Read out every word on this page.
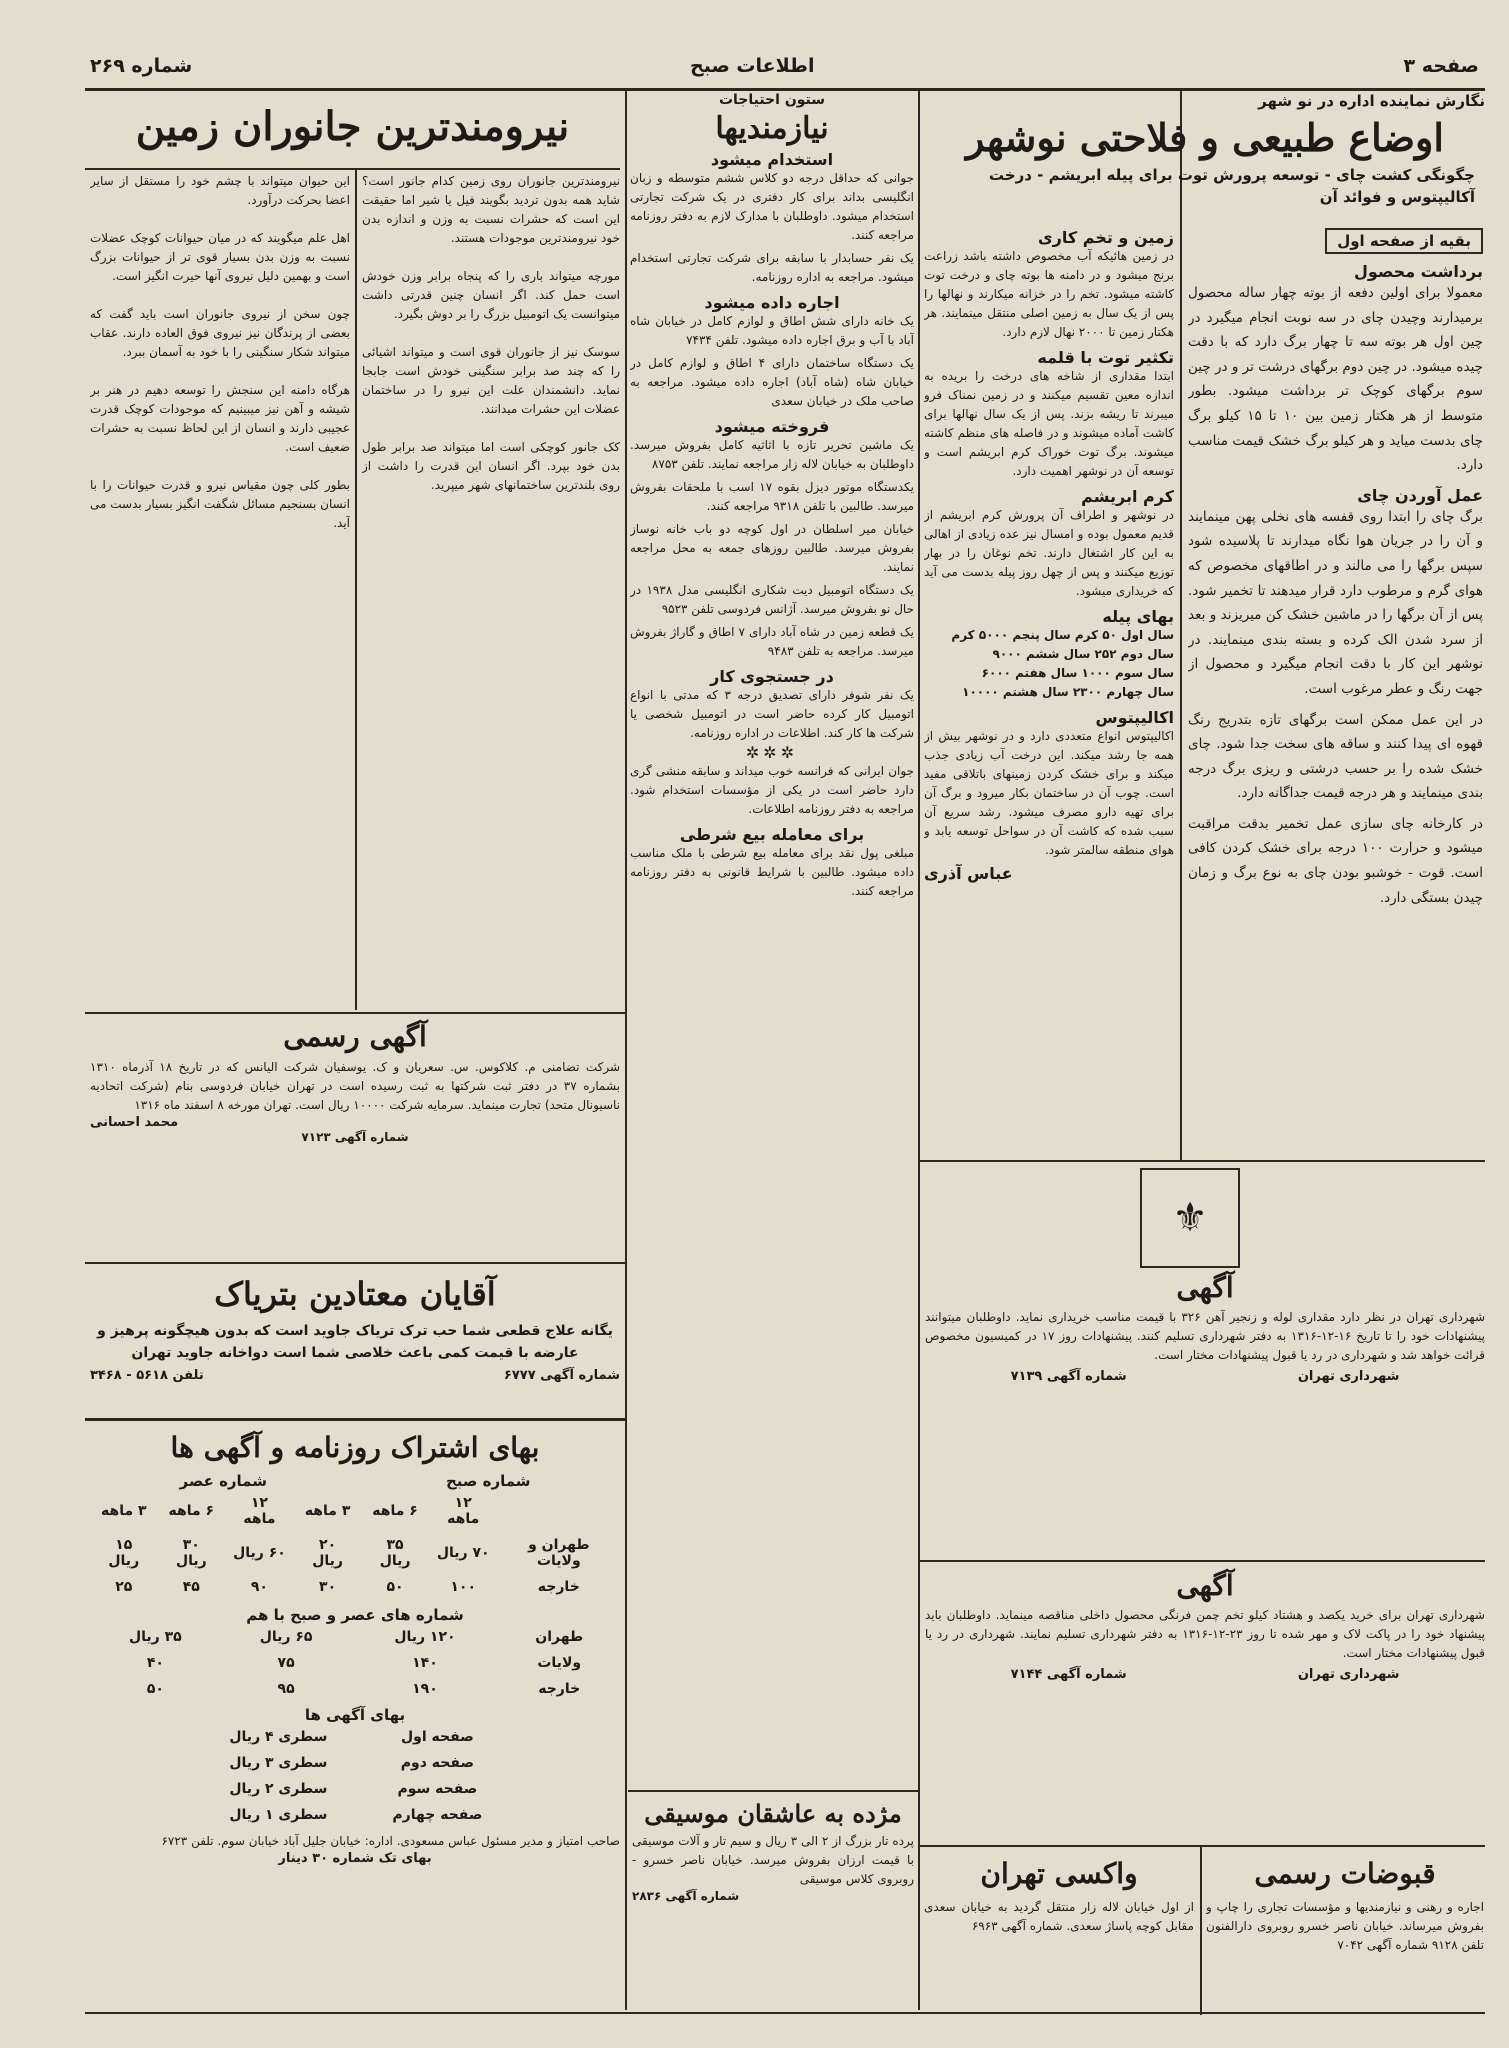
صفحه ۳
اطلاعات صبح
شماره ۲۶۹
نگارش نماینده اداره در نو شهر
اوضاع طبیعی و فلاحتی نوشهر
چگونگی کشت چای - توسعه پرورش توت برای پیله ابریشم - درخت آکالیپتوس و فوائد آن
بقیه از صفحه اول
برداشت محصول
معمولا برای اولین دفعه از بوته چهار ساله محصول برمیدارند وچیدن چای در سه نوبت انجام میگیرد در چین اول هر بوته سه تا چهار برگ دارد که با دقت چیده میشود. در چین دوم برگهای درشت تر و در چین سوم برگهای کوچک تر برداشت میشود. بطور متوسط از هر هکتار زمین بین ۱۰ تا ۱۵ کیلو برگ چای بدست میاید و هر کیلو برگ خشک قیمت مناسب دارد.
عمل آوردن چای
برگ چای را ابتدا روی قفسه های نخلی پهن مینمایند و آن را در جریان هوا نگاه میدارند تا پلاسیده شود سپس برگها را می مالند و در اطاقهای مخصوص که هوای گرم و مرطوب دارد قرار میدهند تا تخمیر شود. پس از آن برگها را در ماشین خشک کن میریزند و بعد از سرد شدن الک کرده و بسته بندی مینمایند. در نوشهر این کار با دقت انجام میگیرد و محصول از جهت رنگ و عطر مرغوب است.
در این عمل ممکن است برگهای تازه بتدریج رنگ قهوه ای پیدا کنند و ساقه های سخت جدا شود. چای خشک شده را بر حسب درشتی و ریزی برگ درجه بندی مینمایند و هر درجه قیمت جداگانه دارد.
در کارخانه چای سازی عمل تخمیر بدقت مراقبت میشود و حرارت ۱۰۰ درجه برای خشک کردن کافی است. قوت - خوشبو بودن چای به نوع برگ و زمان چیدن بستگی دارد.
زمین و تخم کاری
در زمین هائیکه آب مخصوص داشته باشد زراعت برنج میشود و در دامنه ها بوته چای و درخت توت کاشته میشود. تخم را در خزانه میکارند و نهالها را پس از یک سال به زمین اصلی منتقل مینمایند. هر هکتار زمین تا ۲۰۰۰ نهال لازم دارد.
تکثیر توت با قلمه
ابتدا مقداری از شاخه های درخت را بریده به اندازه معین تقسیم میکنند و در زمین نمناک فرو میبرند تا ریشه بزند. پس از یک سال نهالها برای کاشت آماده میشوند و در فاصله های منظم کاشته میشوند. برگ توت خوراک کرم ابریشم است و توسعه آن در نوشهر اهمیت دارد.
کرم ابریشم
در نوشهر و اطراف آن پرورش کرم ابریشم از قدیم معمول بوده و امسال نیز عده زیادی از اهالی به این کار اشتغال دارند. تخم نوغان را در بهار توزیع میکنند و پس از چهل روز پیله بدست می آید که خریداری میشود.
بهای پیله
سال اول ۵۰ کرم سال پنجم ۵۰۰۰ کرم
سال دوم ۲۵۲ سال ششم ۹۰۰۰
سال سوم ۱۰۰۰ سال هفتم ۶۰۰۰
سال چهارم ۲۳۰۰ سال هشتم ۱۰۰۰۰
اکالیپتوس
اکالیپتوس انواع متعددی دارد و در نوشهر بیش از همه جا رشد میکند. این درخت آب زیادی جذب میکند و برای خشک کردن زمینهای باتلاقی مفید است. چوب آن در ساختمان بکار میرود و برگ آن برای تهیه دارو مصرف میشود. رشد سریع آن سبب شده که کاشت آن در سواحل توسعه یابد و هوای منطقه سالمتر شود.
عباس آذری
ستون احتیاجات
نیازمندیها
استخدام میشود
جوانی که حداقل درجه دو کلاس ششم متوسطه و زبان انگلیسی بداند برای کار دفتری در یک شرکت تجارتی استخدام میشود. داوطلبان با مدارک لازم به دفتر روزنامه مراجعه کنند.
یک نفر حسابدار با سابقه برای شرکت تجارتی استخدام میشود. مراجعه به اداره روزنامه.
اجاره داده میشود
یک خانه دارای شش اطاق و لوازم کامل در خیابان شاه آباد با آب و برق اجاره داده میشود. تلفن ۷۴۳۴
یک دستگاه ساختمان دارای ۴ اطاق و لوازم کامل در خیابان شاه (شاه آباد) اجاره داده میشود. مراجعه به صاحب ملک در خیابان سعدی
فروخته میشود
یک ماشین تحریر تازه با اثاثیه کامل بفروش میرسد. داوطلبان به خیابان لاله زار مراجعه نمایند. تلفن ۸۷۵۳
یکدستگاه موتور دیزل بقوه ۱۷ اسب با ملحقات بفروش میرسد. طالبین با تلفن ۹۳۱۸ مراجعه کنند.
خیابان میر اسلطان در اول کوچه دو باب خانه نوساز بفروش میرسد. طالبین روزهای جمعه به محل مراجعه نمایند.
یک دستگاه اتومبیل دیت شکاری انگلیسی مدل ۱۹۳۸ در حال نو بفروش میرسد. آژانس فردوسی تلفن ۹۵۲۳
یک قطعه زمین در شاه آباد دارای ۷ اطاق و گاراژ بفروش میرسد. مراجعه به تلفن ۹۴۸۳
در جستجوی کار
یک نفر شوفر دارای تصدیق درجه ۳ که مدتی با انواع اتومبیل کار کرده حاضر است در اتومبیل شخصی یا شرکت ها کار کند. اطلاعات در اداره روزنامه.
✲✲✲
جوان ایرانی که فرانسه خوب میداند و سابقه منشی گری دارد حاضر است در یکی از مؤسسات استخدام شود. مراجعه به دفتر روزنامه اطلاعات.
برای معامله بیع شرطی
مبلغی پول نقد برای معامله بیع شرطی با ملک مناسب داده میشود. طالبین با شرایط قانونی به دفتر روزنامه مراجعه کنند.
مژده به عاشقان موسیقی
پرده تار بزرگ از ۲ الی ۳ ریال و سیم تار و آلات موسیقی با قیمت ارزان بفروش میرسد. خیابان ناصر خسرو - روبروی کلاس موسیقی
شماره آگهی ۲۸۳۶
نیرومندترین جانوران زمین
نیرومندترین جانوران روی زمین کدام جانور است؟ شاید همه بدون تردید بگویند فیل یا شیر اما حقیقت این است که حشرات نسبت به وزن و اندازه بدن خود نیرومندترین موجودات هستند.

مورچه میتواند باری را که پنجاه برابر وزن خودش است حمل کند. اگر انسان چنین قدرتی داشت میتوانست یک اتومبیل بزرگ را بر دوش بگیرد.

سوسک نیز از جانوران قوی است و میتواند اشیائی را که چند صد برابر سنگینی خودش است جابجا نماید. دانشمندان علت این نیرو را در ساختمان عضلات این حشرات میدانند.

کک جانور کوچکی است اما میتواند صد برابر طول بدن خود بپرد. اگر انسان این قدرت را داشت از روی بلندترین ساختمانهای شهر میپرید.
این حیوان میتواند با چشم خود را مستقل از سایر اعضا بحرکت درآورد.

اهل علم میگویند که در میان حیوانات کوچک عضلات نسبت به وزن بدن بسیار قوی تر از حیوانات بزرگ است و بهمین دلیل نیروی آنها حیرت انگیز است.

چون سخن از نیروی جانوران است باید گفت که بعضی از پرندگان نیز نیروی فوق العاده دارند. عقاب میتواند شکار سنگینی را با خود به آسمان ببرد.

هرگاه دامنه این سنجش را توسعه دهیم در هنر بر شیشه و آهن نیز میبینیم که موجودات کوچک قدرت عجیبی دارند و انسان از این لحاظ نسبت به حشرات ضعیف است.

بطور کلی چون مقیاس نیرو و قدرت حیوانات را با انسان بسنجیم مسائل شگفت انگیز بسیار بدست می آید.
آگهی رسمی
شرکت تضامنی م. کلاکوس. س. سعریان و ک. یوسفیان شرکت الیانس که در تاریخ ۱۸ آذرماه ۱۳۱۰ بشماره ۳۷ در دفتر ثبت شرکتها به ثبت رسیده است در تهران خیابان فردوسی بنام (شرکت اتحادیه ناسیونال متحد) تجارت مینماید. سرمایه شرکت ۱۰۰۰۰ ریال است. تهران مورخه ۸ اسفند ماه ۱۳۱۶
محمد احسانی
شماره آگهی ۷۱۲۳
آقایان معتادین بتریاک
یگانه علاج قطعی شما حب ترک تریاک جاوید است که بدون هیچگونه پرهیز و عارضه با قیمت کمی باعث خلاصی شما است دواخانه جاوید تهران
شماره آگهی ۶۷۷۷
تلفن ۵۶۱۸ - ۳۴۶۸
بهای اشتراک روزنامه و آگهی ها
شماره صبح
شماره عصر
	۱۲ ماهه	۶ ماهه	۳ ماهه	۱۲ ماهه	۶ ماهه	۳ ماهه
طهران و ولایات	۷۰ ریال	۳۵ ریال	۲۰ ریال	۶۰ ریال	۳۰ ریال	۱۵ ریال
خارجه	۱۰۰	۵۰	۳۰	۹۰	۴۵	۲۵
شماره های عصر و صبح با هم
طهران	۱۲۰ ریال	۶۵ ریال	۳۵ ریال
ولایات	۱۴۰	۷۵	۴۰
خارجه	۱۹۰	۹۵	۵۰
بهای آگهی ها
صفحه اول	سطری ۴ ریال
صفحه دوم	سطری ۳ ریال
صفحه سوم	سطری ۲ ریال
صفحه چهارم	سطری ۱ ریال
صاحب امتیاز و مدیر مسئول عباس مسعودی. اداره: خیابان جلیل آباد خیابان سوم. تلفن ۶۷۲۳
بهای تک شماره ۳۰ دینار
⚜
آگهی
شهرداری تهران در نظر دارد مقداری لوله و زنجیر آهن ۳۲۶ با قیمت مناسب خریداری نماید. داوطلبان میتوانند پیشنهادات خود را تا تاریخ ۱۶-۱۲-۱۳۱۶ به دفتر شهرداری تسلیم کنند. پیشنهادات روز ۱۷ در کمیسیون مخصوص قرائت خواهد شد و شهرداری در رد یا قبول پیشنهادات مختار است.
شهرداری تهران
شماره آگهی ۷۱۳۹
آگهی
شهرداری تهران برای خرید یکصد و هشتاد کیلو تخم چمن فرنگی محصول داخلی مناقصه مینماید. داوطلبان باید پیشنهاد خود را در پاکت لاک و مهر شده تا روز ۲۳-۱۲-۱۳۱۶ به دفتر شهرداری تسلیم نمایند. شهرداری در رد یا قبول پیشنهادات مختار است.
شهرداری تهران
شماره آگهی ۷۱۴۴
قبوضات رسمی
اجاره و رهنی و نیازمندیها و مؤسسات تجاری را چاپ و بفروش میرساند. خیابان ناصر خسرو روبروی دارالفنون تلفن ۹۱۲۸ شماره آگهی ۷۰۴۲
واکسی تهران
از اول خیابان لاله زار منتقل گردید به خیابان سعدی مقابل کوچه پاساژ سعدی. شماره آگهی ۶۹۶۳
